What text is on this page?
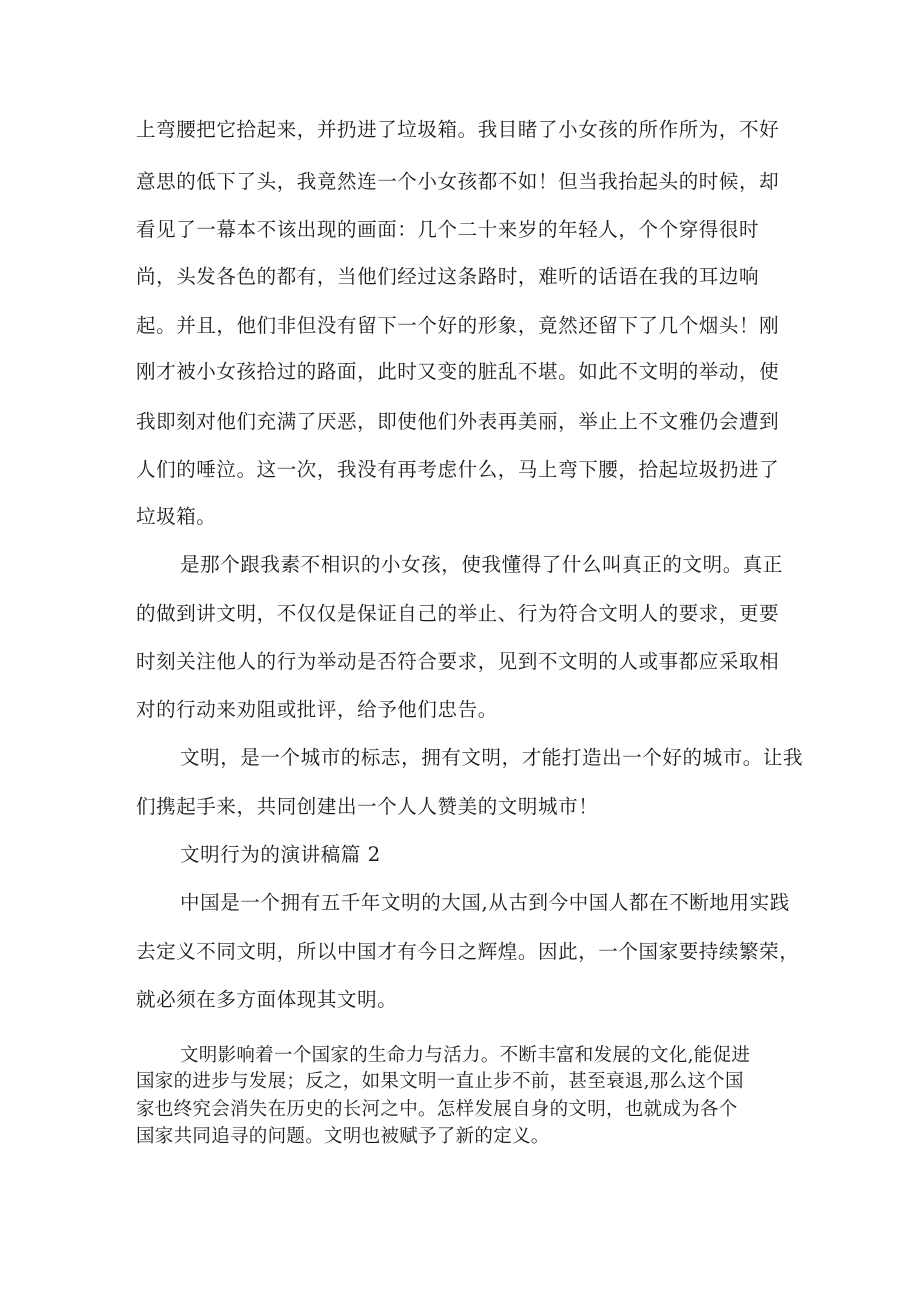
上弯腰把它拾起来，并扔进了垃圾箱。我目睹了小女孩的所作所为，不好
意思的低下了头，我竟然连一个小女孩都不如！但当我抬起头的时候，却
看见了一幕本不该出现的画面：几个二十来岁的年轻人，个个穿得很时
尚，头发各色的都有，当他们经过这条路时，难听的话语在我的耳边响
起。并且，他们非但没有留下一个好的形象，竟然还留下了几个烟头！刚
刚才被小女孩拾过的路面，此时又变的脏乱不堪。如此不文明的举动，使
我即刻对他们充满了厌恶，即使他们外表再美丽，举止上不文雅仍会遭到
人们的唾泣。这一次，我没有再考虑什么，马上弯下腰，拾起垃圾扔进了
垃圾箱。
是那个跟我素不相识的小女孩，使我懂得了什么叫真正的文明。真正
的做到讲文明，不仅仅是保证自己的举止、行为符合文明人的要求，更要
时刻关注他人的行为举动是否符合要求，见到不文明的人或事都应采取相
对的行动来劝阻或批评，给予他们忠告。
文明，是一个城市的标志，拥有文明，才能打造出一个好的城市。让我
们携起手来，共同创建出一个人人赞美的文明城市！
文明行为的演讲稿篇 2
中国是一个拥有五千年文明的大国,从古到今中国人都在不断地用实践
去定义不同文明，所以中国才有今日之辉煌。因此，一个国家要持续繁荣，
就必须在多方面体现其文明。
文明影响着一个国家的生命力与活力。不断丰富和发展的文化,能促进
国家的进步与发展；反之，如果文明一直止步不前，甚至衰退,那么这个国
家也终究会消失在历史的长河之中。怎样发展自身的文明，也就成为各个
国家共同追寻的问题。文明也被赋予了新的定义。
